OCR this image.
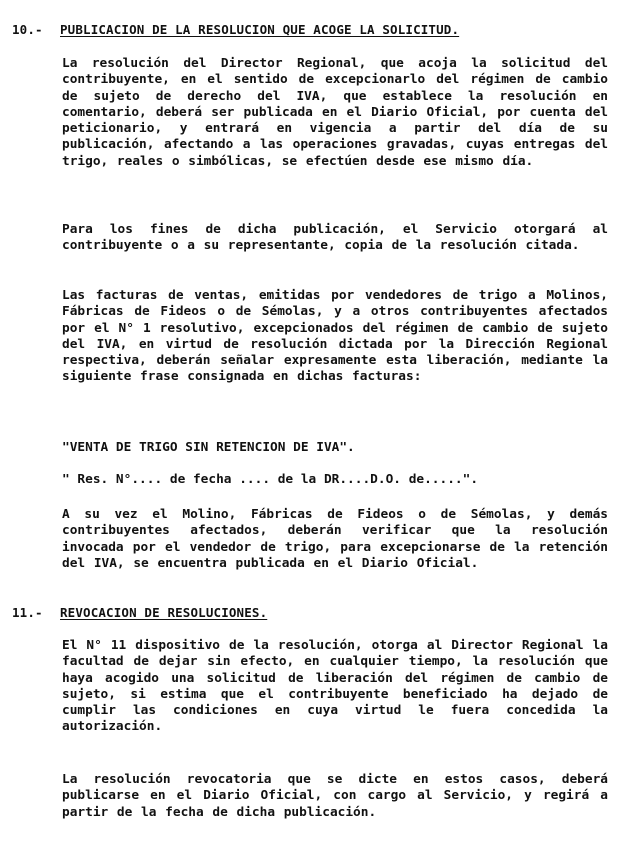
10.- PUBLICACION DE LA RESOLUCION QUE ACOGE LA SOLICITUD.
La resolución del Director Regional, que acoja la solicitud del contribuyente, en el sentido de excepcionarlo del régimen de cambio de sujeto de derecho del IVA, que establece la resolución en comentario, deberá ser publicada en el Diario Oficial, por cuenta del peticionario, y entrará en vigencia a partir del día de su publicación, afectando a las operaciones gravadas, cuyas entregas del trigo, reales o simbólicas, se efectúen desde ese mismo día.
Para los fines de dicha publicación, el Servicio otorgará al contribuyente o a su representante, copia de la resolución citada.
Las facturas de ventas, emitidas por vendedores de trigo a Molinos, Fábricas de Fideos o de Sémolas, y a otros contribuyentes afectados por el N° 1 resolutivo, excepcionados del régimen de cambio de sujeto del IVA, en virtud de resolución dictada por la Dirección Regional respectiva, deberán señalar expresamente esta liberación, mediante la siguiente frase consignada en dichas facturas:
"VENTA DE TRIGO SIN RETENCION DE IVA".
" Res. N°.... de fecha .... de la DR....D.O. de.....".
A su vez el Molino, Fábricas de Fideos o de Sémolas, y demás contribuyentes afectados, deberán verificar que la resolución invocada por el vendedor de trigo, para excepcionarse de la retención del IVA, se encuentra publicada en el Diario Oficial.
11.- REVOCACION DE RESOLUCIONES.
El N° 11 dispositivo de la resolución, otorga al Director Regional la facultad de dejar sin efecto, en cualquier tiempo, la resolución que haya acogido una solicitud de liberación del régimen de cambio de sujeto, si estima que el contribuyente beneficiado ha dejado de cumplir las condiciones en cuya virtud le fuera concedida la autorización.
La resolución revocatoria que se dicte en estos casos, deberá publicarse en el Diario Oficial, con cargo al Servicio, y regirá a partir de la fecha de dicha publicación.
